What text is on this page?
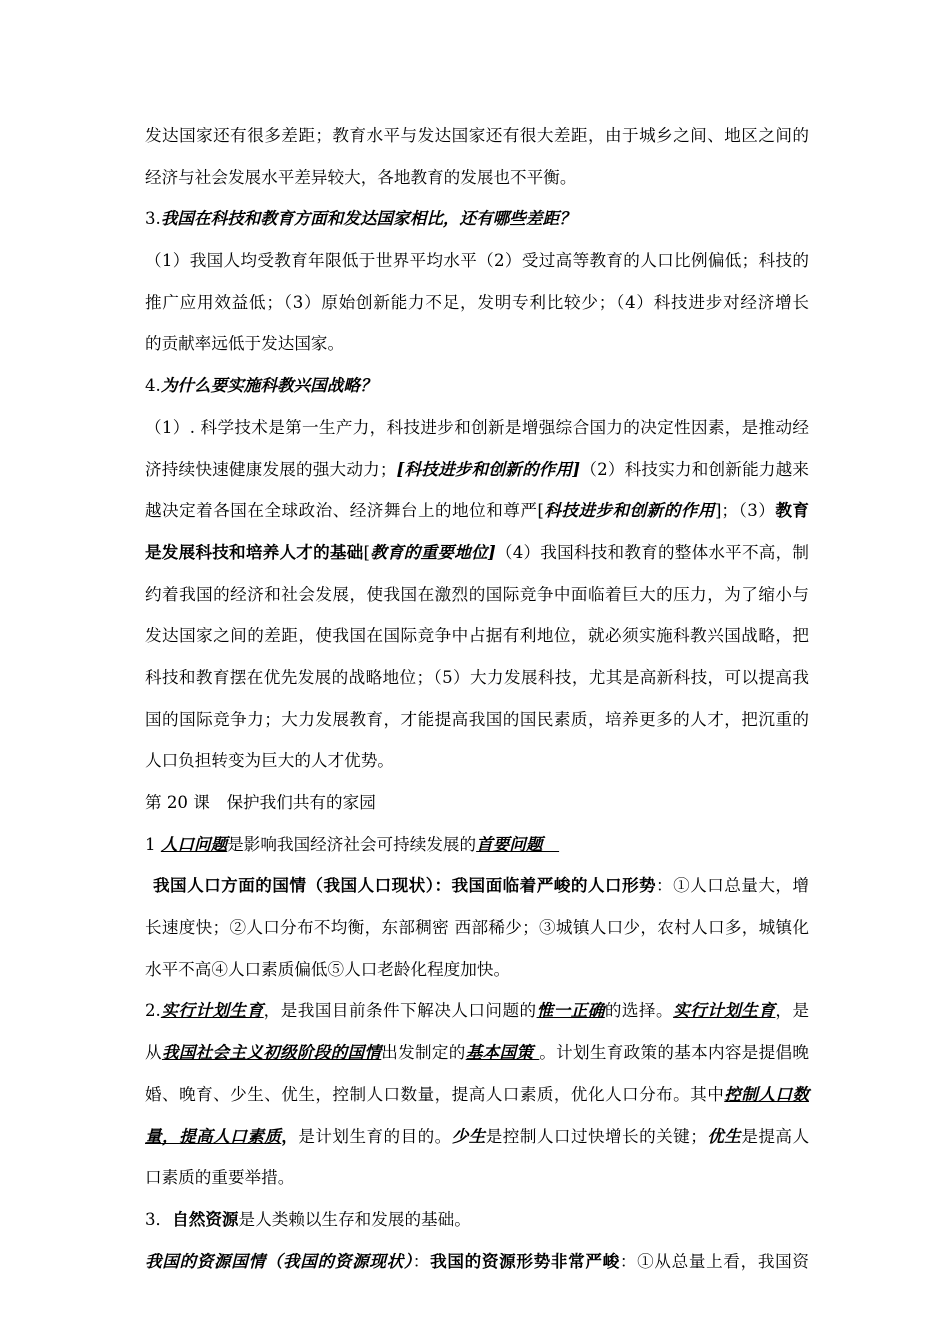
发达国家还有很多差距；教育水平与发达国家还有很大差距，由于城乡之间、地区之间的
经济与社会发展水平差异较大，各地教育的发展也不平衡。
3.我国在科技和教育方面和发达国家相比，还有哪些差距？
（1）我国人均受教育年限低于世界平均水平（2）受过高等教育的人口比例偏低；科技的
推广应用效益低；（3）原始创新能力不足，发明专利比较少；（4）科技进步对经济增长
的贡献率远低于发达国家。
4.为什么要实施科教兴国战略？
（1）. 科学技术是第一生产力，科技进步和创新是增强综合国力的决定性因素，是推动经
济持续快速健康发展的强大动力；[科技进步和创新的作用]（2）科技实力和创新能力越来
越决定着各国在全球政治、经济舞台上的地位和尊严[科技进步和创新的作用]；（3）教育
是发展科技和培养人才的基础[教育的重要地位]（4）我国科技和教育的整体水平不高，制
约着我国的经济和社会发展，使我国在激烈的国际竞争中面临着巨大的压力，为了缩小与
发达国家之间的差距，使我国在国际竞争中占据有利地位，就必须实施科教兴国战略，把
科技和教育摆在优先发展的战略地位；（5）大力发展科技，尤其是高新科技，可以提高我
国的国际竞争力；大力发展教育，才能提高我国的国民素质，培养更多的人才，把沉重的
人口负担转变为巨大的人才优势。
第 20 课　保护我们共有的家园
1 人口问题是影响我国经济社会可持续发展的首要问题　
我国人口方面的国情（我国人口现状）：我国面临着严峻的人口形势：①人口总量大，增
长速度快；②人口分布不均衡，东部稠密 西部稀少；③城镇人口少，农村人口多，城镇化
水平不高④人口素质偏低⑤人口老龄化程度加快。
2.实行计划生育，是我国目前条件下解决人口问题的惟一正确的选择。实行计划生育，是
从我国社会主义初级阶段的国情出发制定的基本国策 。计划生育政策的基本内容是提倡晚
婚、晚育、少生、优生，控制人口数量，提高人口素质，优化人口分布。其中控制人口数
量，提高人口素质，是计划生育的目的。少生是控制人口过快增长的关键；优生是提高人
口素质的重要举措。
3．自然资源是人类赖以生存和发展的基础。
我国的资源国情（我国的资源现状）：我国的资源形势非常严峻：①从总量上看，我国资
